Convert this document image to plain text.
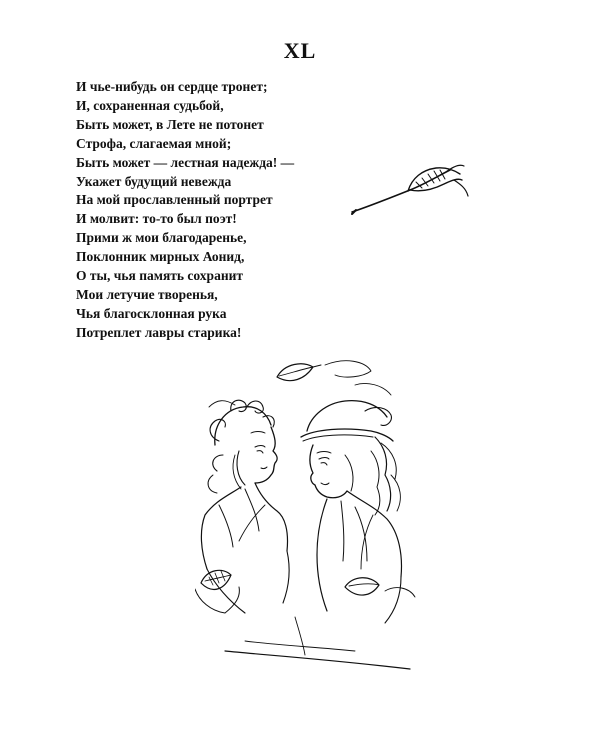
XL
И чье-нибудь он сердце тронет;
И, сохраненная судьбой,
Быть может, в Лете не потонет
Строфа, слагаемая мной;
Быть может — лестная надежда! —
Укажет будущий невежда
На мой прославленный портрет
И молвит: то-то был поэт!
Прими ж мои благодаренье,
Поклонник мирных Аонид,
О ты, чья память сохранит
Мои летучие творенья,
Чья благосклонная рука
Потреплет лавры старика!
